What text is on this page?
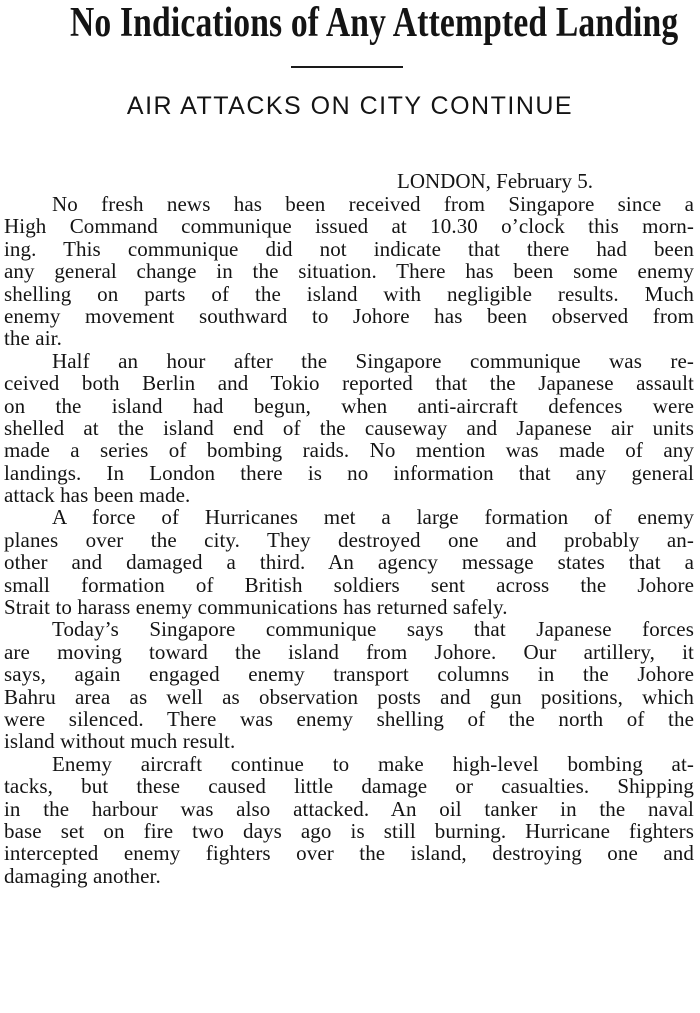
No Indications of Any Attempted Landing
AIR ATTACKS ON CITY CONTINUE
LONDON, February 5.
No fresh news has been received from Singapore since a
High Command communique issued at 10.30 o’clock this morn-
ing. This communique did not indicate that there had been
any general change in the situation. There has been some enemy
shelling on parts of the island with negligible results. Much
enemy movement southward to Johore has been observed from
the air.
Half an hour after the Singapore communique was re-
ceived both Berlin and Tokio reported that the Japanese assault
on the island had begun, when anti-aircraft defences were
shelled at the island end of the causeway and Japanese air units
made a series of bombing raids. No mention was made of any
landings. In London there is no information that any general
attack has been made.
A force of Hurricanes met a large formation of enemy
planes over the city. They destroyed one and probably an-
other and damaged a third. An agency message states that a
small formation of British soldiers sent across the Johore
Strait to harass enemy communications has returned safely.
Today’s Singapore communique says that Japanese forces
are moving toward the island from Johore. Our artillery, it
says, again engaged enemy transport columns in the Johore
Bahru area as well as observation posts and gun positions, which
were silenced. There was enemy shelling of the north of the
island without much result.
Enemy aircraft continue to make high-level bombing at-
tacks, but these caused little damage or casualties. Shipping
in the harbour was also attacked. An oil tanker in the naval
base set on fire two days ago is still burning. Hurricane fighters
intercepted enemy fighters over the island, destroying one and
damaging another.
